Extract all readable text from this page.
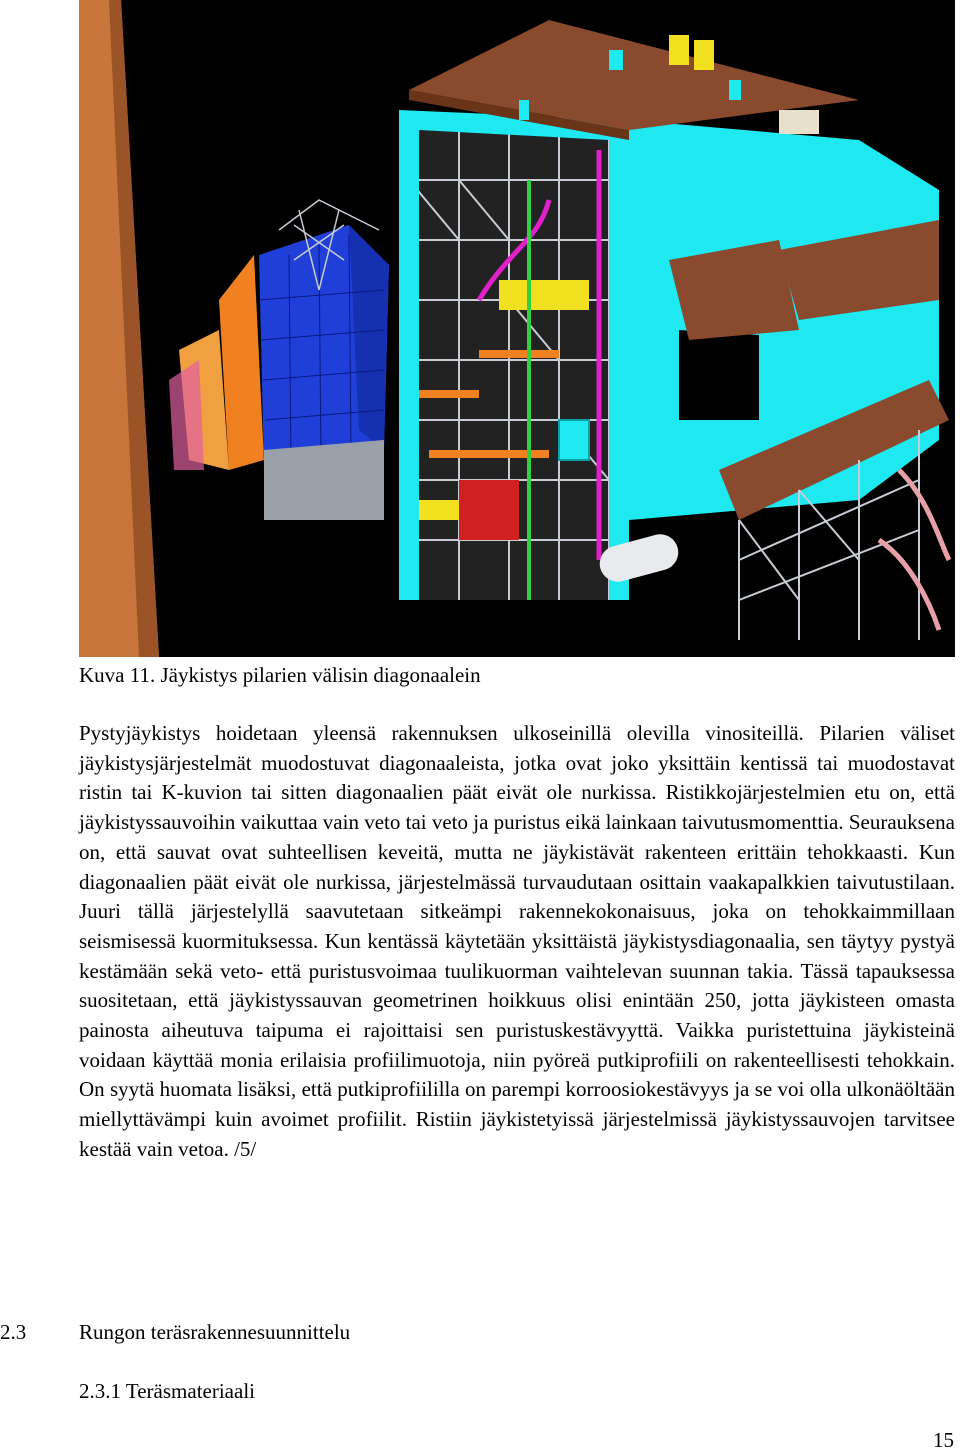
Kuva 11. Jäykistys pilarien välisin diagonaalein
Pystyjäykistys hoidetaan yleensä rakennuksen ulkoseinillä olevilla vinositeillä. Pilarien väliset jäykistysjärjestelmät muodostuvat diagonaaleista, jotka ovat joko yksittäin kentissä tai muodostavat ristin tai K-kuvion tai sitten diagonaalien päät eivät ole nurkissa. Ristikkojärjestelmien etu on, että jäykistyssauvoihin vaikuttaa vain veto tai veto ja puristus eikä lainkaan taivutusmomenttia. Seurauksena on, että sauvat ovat suhteellisen keveitä, mutta ne jäykistävät rakenteen erittäin tehokkaasti. Kun diagonaalien päät eivät ole nurkissa, järjestelmässä turvaudutaan osittain vaakapalkkien taivutustilaan. Juuri tällä järjestelyllä saavutetaan sitkeämpi rakennekokonaisuus, joka on tehokkaimmillaan seismisessä kuormituksessa. Kun kentässä käytetään yksittäistä jäykistysdiagonaalia, sen täytyy pystyä kestämään sekä veto- että puristusvoimaa tuulikuorman vaihtelevan suunnan takia. Tässä tapauksessa suositetaan, että jäykistyssauvan geometrinen hoikkuus olisi enintään 250, jotta jäykisteen omasta painosta aiheutuva taipuma ei rajoittaisi sen puristuskestävyyttä. Vaikka puristettuina jäykisteinä voidaan käyttää monia erilaisia profiilimuotoja, niin pyöreä putkiprofiili on rakenteellisesti tehokkain. On syytä huomata lisäksi, että putkiprofiililla on parempi korroosiokestävyys ja se voi olla ulkonäöltään miellyttävämpi kuin avoimet profiilit. Ristiin jäykistetyissä järjestelmissä jäykistyssauvojen tarvitsee kestää vain vetoa. /5/
2.3	Rungon teräsrakennesuunnittelu
2.3.1 Teräsmateriaali
15
